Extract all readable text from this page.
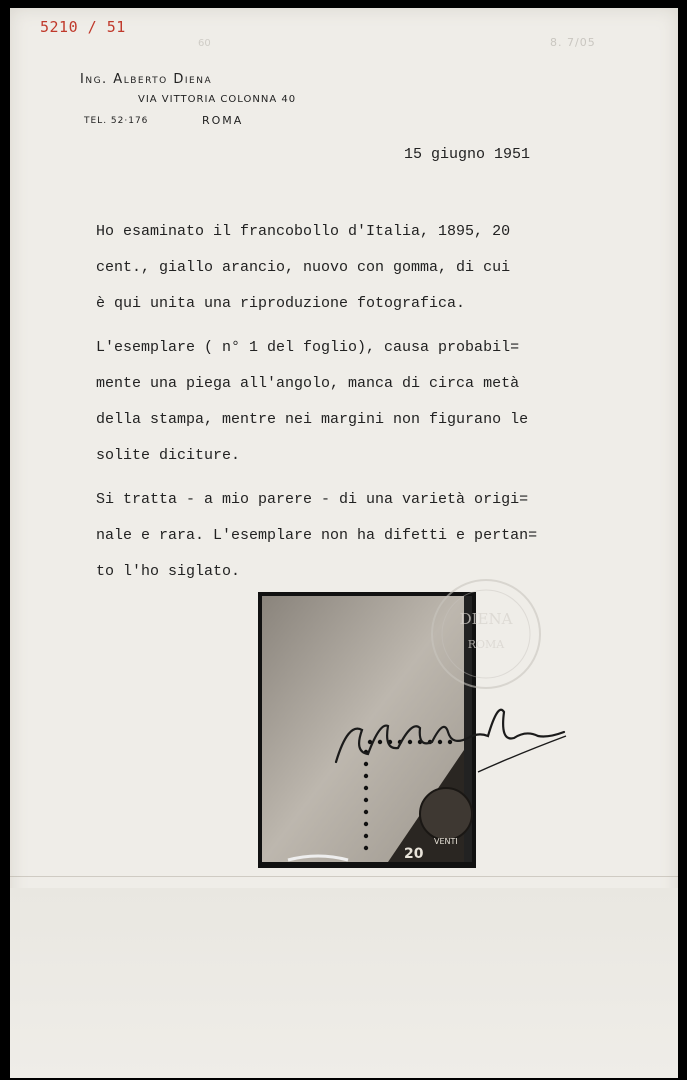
5210 / 51
60	8. 7/05
Ing. Alberto Diena
VIA VITTORIA COLONNA 40
TEL. 52·176	ROMA
15 giugno 1951
Ho esaminato il francobollo d'Italia, 1895, 20
cent., giallo arancio, nuovo con gomma, di cui
è qui unita una riproduzione fotografica.
L'esemplare ( n° 1 del foglio), causa probabil=
mente una piega all'angolo, manca di circa metà
della stampa, mentre nei margini non figurano le
solite diciture.
Si tratta - a mio parere - di una varietà origi=
nale e rara. L'esemplare non ha difetti e pertan=
to l'ho siglato.
20
VENTI
DIENA
ROMA
